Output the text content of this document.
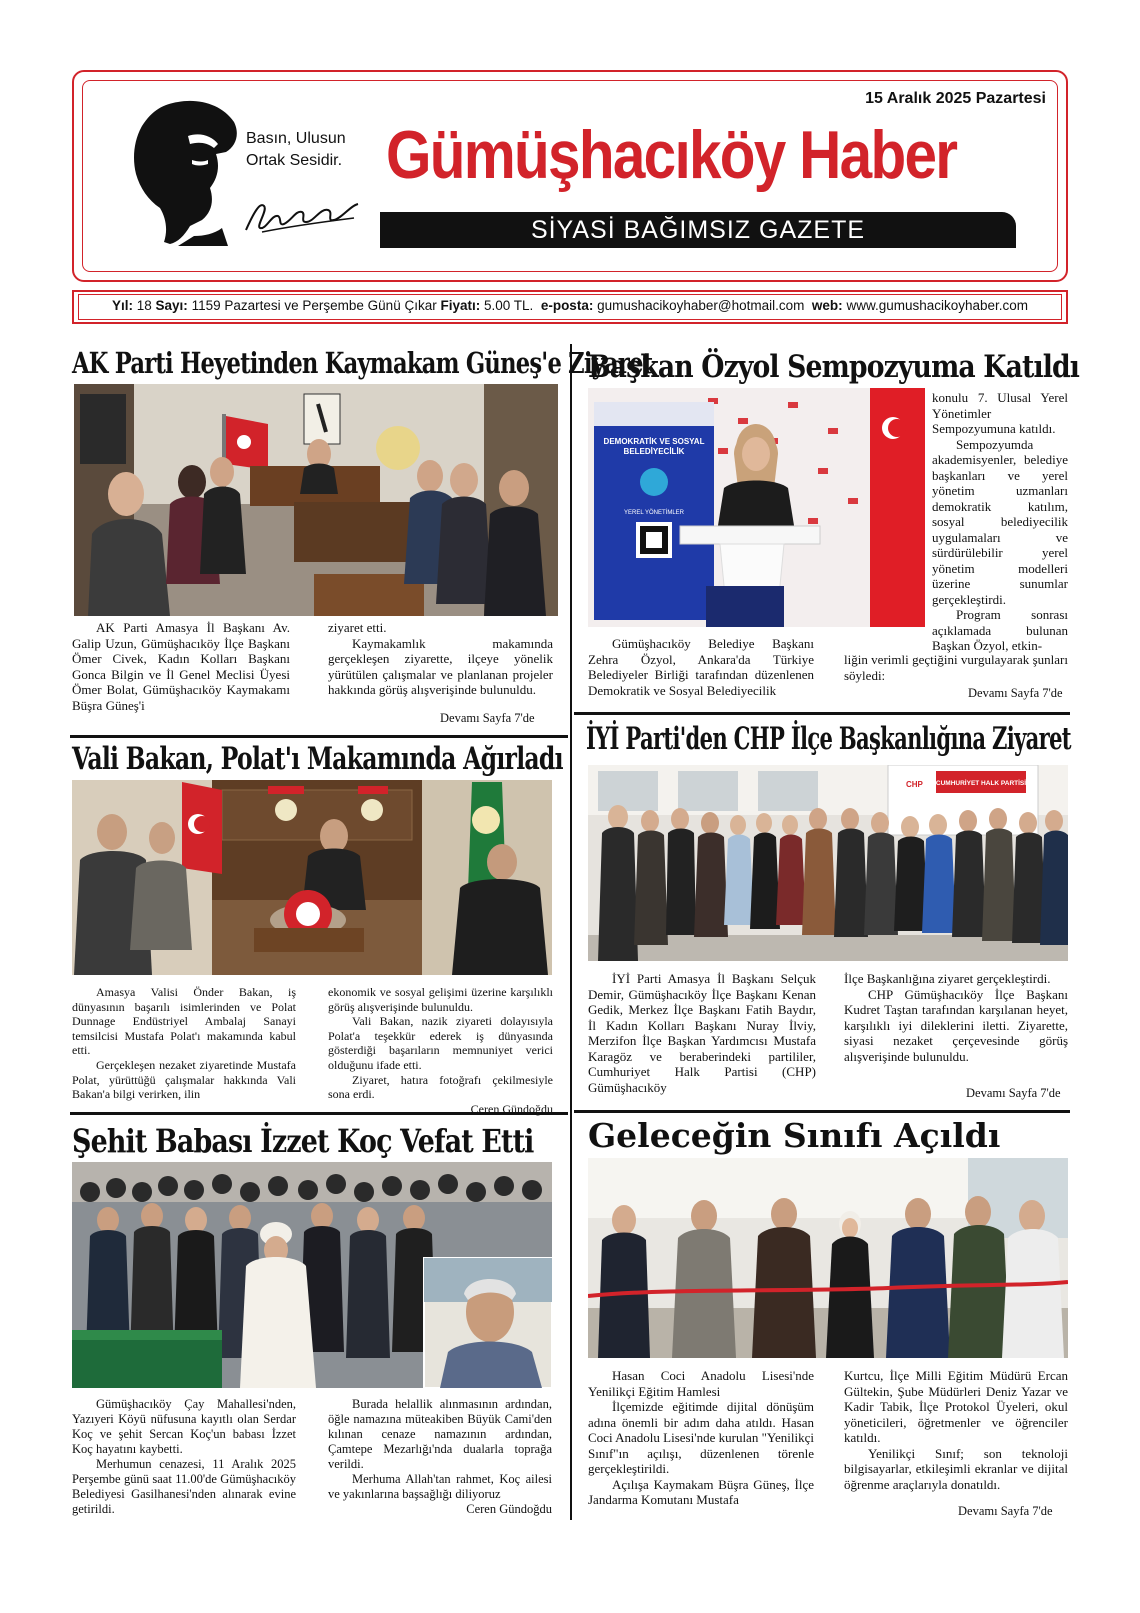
Basın, Ulusun
Ortak Sesidir.
15 Aralık 2025 Pazartesi
Gümüşhacıköy Haber
SİYASİ BAĞIMSIZ GAZETE
Yıl: 18 Sayı: 1159 Pazartesi ve Perşembe Günü Çıkar Fiyatı: 5.00 TL. e-posta: gumushacikoyhaber@hotmail.com web: www.gumushacikoyhaber.com
AK Parti Heyetinden Kaymakam Güneş'e Ziyaret

AK Parti Amasya İl Başkanı Av. Galip Uzun, Gümüşhacıköy İlçe Başkanı Ömer Civek, Kadın Kolları Başkanı Gonca Bilgin ve İl Genel Meclisi Üyesi Ömer Bolat, Gümüşhacıköy Kaymakamı Büşra Güneş'i

ziyaret etti.

Kaymakamlık makamında gerçekleşen ziyarette, ilçeye yönelik yürütülen çalışmalar ve planlanan projeler hakkında görüş alışverişinde bulunuldu.

Devamı Sayfa 7'de
Başkan Özyol Sempozyuma Katıldı
DEMOKRATİK VE SOSYAL
BELEDİYECİLİK
YEREL YÖNETİMLER

konulu 7. Ulusal Yerel Yönetimler Sempozyumuna katıldı.

Sempozyumda akademisyenler, belediye başkanları ve yerel yönetim uzmanları demokratik katılım, sosyal belediyecilik uygulamaları ve sürdürülebilir yerel yönetim modelleri üzerine sunumlar gerçekleştirdi.

Program sonrası açıklamada bulunan Başkan Özyol, etkin-

Gümüşhacıköy Belediye Başkanı Zehra Özyol, Ankara'da Türkiye Belediyeler Birliği tarafından düzenlenen Demokratik ve Sosyal Belediyecilik

liğin verimli geçtiğini vurgulayarak şunları söyledi:

Devamı Sayfa 7'de
Vali Bakan, Polat'ı Makamında Ağırladı

Amasya Valisi Önder Bakan, iş dünyasının başarılı isimlerinden ve Polat Dunnage Endüstriyel Ambalaj Sanayi temsilcisi Mustafa Polat'ı makamında kabul etti.

Gerçekleşen nezaket ziyaretinde Mustafa Polat, yürüttüğü çalışmalar hakkında Vali Bakan'a bilgi verirken, ilin

ekonomik ve sosyal gelişimi üzerine karşılıklı görüş alışverişinde bulunuldu.

Vali Bakan, nazik ziyareti dolayısıyla Polat'a teşekkür ederek iş dünyasında gösterdiği başarıların memnuniyet verici olduğunu ifade etti.

Ziyaret, hatıra fotoğrafı çekilmesiyle sona erdi.

Ceren Gündoğdu
İYİ Parti'den CHP İlçe Başkanlığına Ziyaret
CUMHURİYET HALK PARTİSİ
CHP

İYİ Parti Amasya İl Başkanı Selçuk Demir, Gümüşhacıköy İlçe Başkanı Kenan Gedik, Merkez İlçe Başkanı Fatih Baydır, İl Kadın Kolları Başkanı Nuray İlviy, Merzifon İlçe Başkan Yardımcısı Mustafa Karagöz ve beraberindeki partililer, Cumhuriyet Halk Partisi (CHP) Gümüşhacıköy

İlçe Başkanlığına ziyaret gerçekleştirdi.

CHP Gümüşhacıköy İlçe Başkanı Kudret Taştan tarafından karşılanan heyet, karşılıklı iyi dileklerini iletti. Ziyarette, siyasi nezaket çerçevesinde görüş alışverişinde bulunuldu.

Devamı Sayfa 7'de
Şehit Babası İzzet Koç Vefat Etti

Gümüşhacıköy Çay Mahallesi'nden, Yazıyeri Köyü nüfusuna kayıtlı olan Serdar Koç ve şehit Sercan Koç'un babası İzzet Koç hayatını kaybetti.

Merhumun cenazesi, 11 Aralık 2025 Perşembe günü saat 11.00'de Gümüşhacıköy Belediyesi Gasilhanesi'nden alınarak evine getirildi.

Burada helallik alınmasının ardından, öğle namazına müteakiben Büyük Cami'den kılınan cenaze namazının ardından, Çamtepe Mezarlığı'nda dualarla toprağa verildi.

Merhuma Allah'tan rahmet, Koç ailesi ve yakınlarına başsağlığı diliyoruz

Ceren Gündoğdu
Geleceğin Sınıfı Açıldı

Hasan Coci Anadolu Lisesi'nde Yenilikçi Eğitim Hamlesi

İlçemizde eğitimde dijital dönüşüm adına önemli bir adım daha atıldı. Hasan Coci Anadolu Lisesi'nde kurulan "Yenilikçi Sınıf"ın açılışı, düzenlenen törenle gerçekleştirildi.

Açılışa Kaymakam Büşra Güneş, İlçe Jandarma Komutanı Mustafa

Kurtcu, İlçe Milli Eğitim Müdürü Ercan Gültekin, Şube Müdürleri Deniz Yazar ve Kadir Tabik, İlçe Protokol Üyeleri, okul yöneticileri, öğretmenler ve öğrenciler katıldı.

Yenilikçi Sınıf; son teknoloji bilgisayarlar, etkileşimli ekranlar ve dijital öğrenme araçlarıyla donatıldı.

Devamı Sayfa 7'de
